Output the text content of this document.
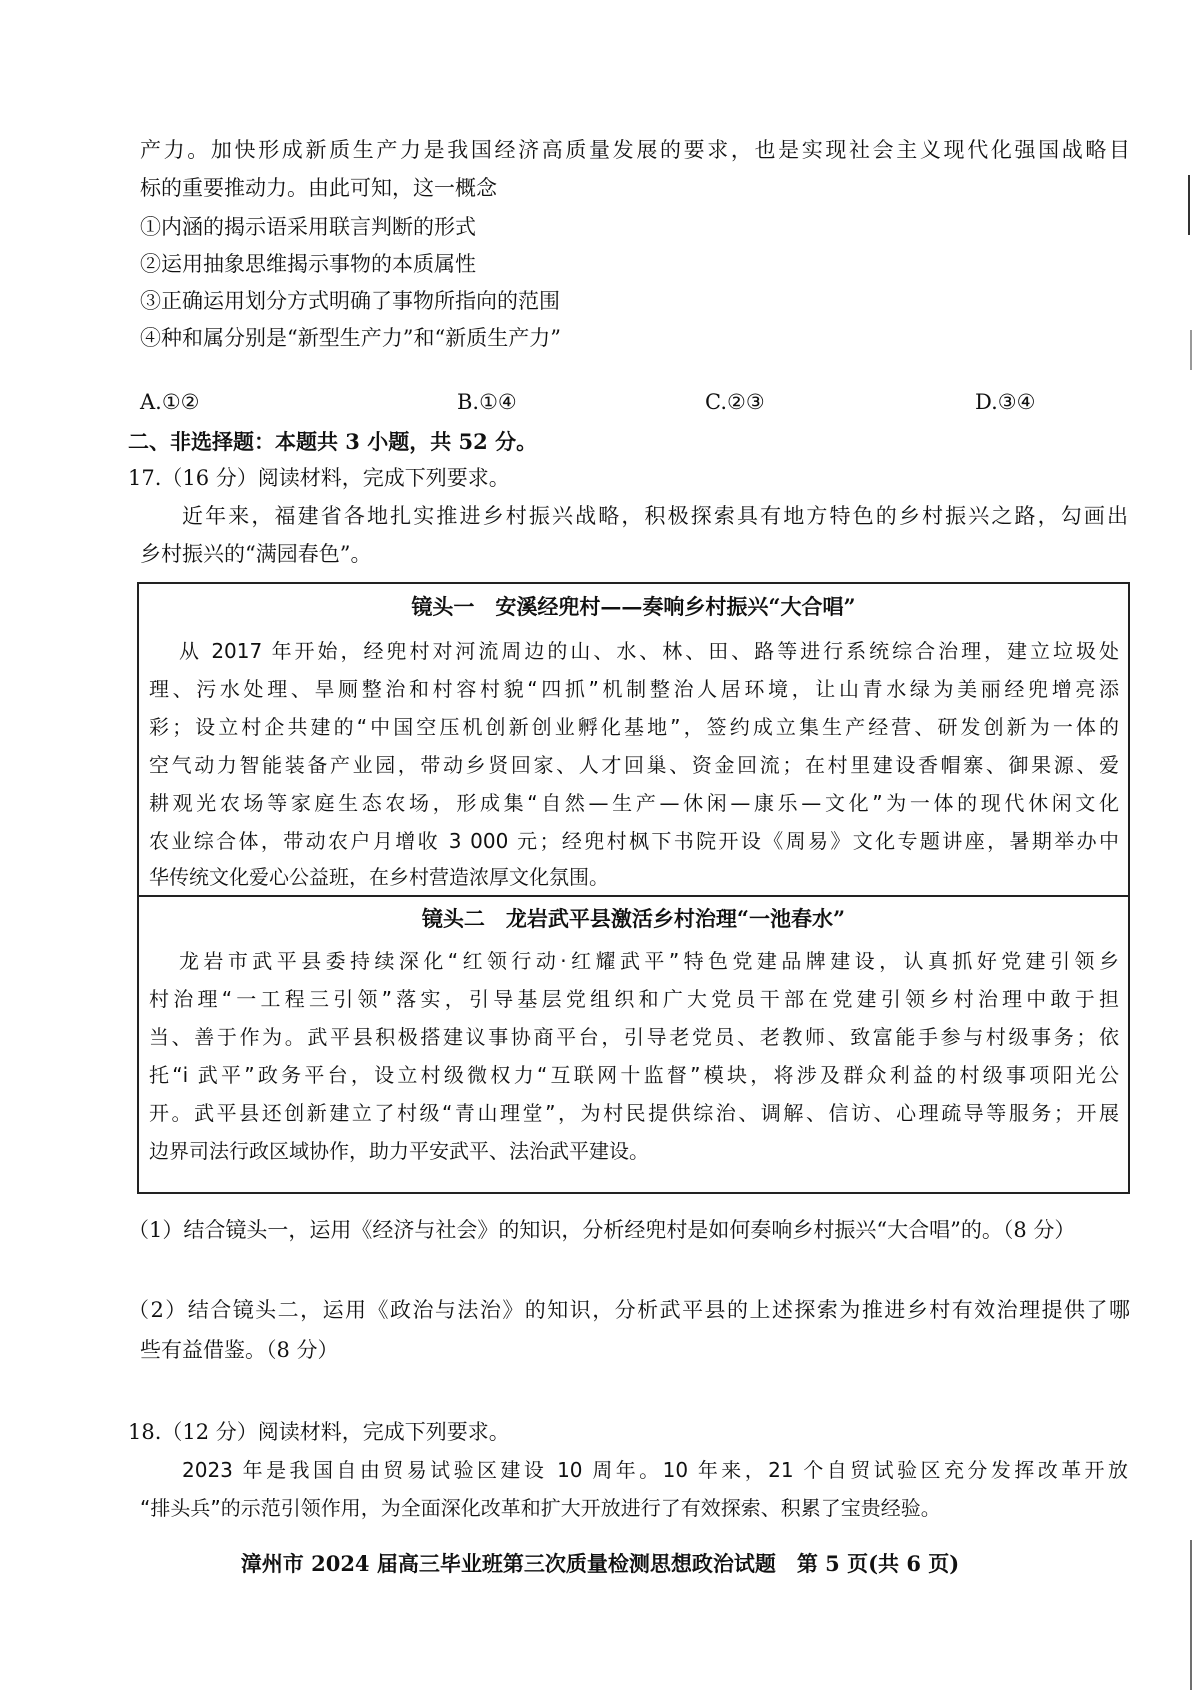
产力。加快形成新质生产力是我国经济高质量发展的要求，也是实现社会主义现代化强国战略目
标的重要推动力。由此可知，这一概念
①内涵的揭示语采用联言判断的形式
②运用抽象思维揭示事物的本质属性
③正确运用划分方式明确了事物所指向的范围
④种和属分别是“新型生产力”和“新质生产力”
A.①②	B.①④	C.②③	D.③④
二、非选择题：本题共 3 小题，共 52 分。
17.（16 分）阅读材料，完成下列要求。
近年来，福建省各地扎实推进乡村振兴战略，积极探索具有地方特色的乡村振兴之路，勾画出
乡村振兴的“满园春色”。
镜头一　安溪经兜村——奏响乡村振兴“大合唱”
从 2017 年开始，经兜村对河流周边的山、水、林、田、路等进行系统综合治理，建立垃圾处
理、污水处理、旱厕整治和村容村貌“四抓”机制整治人居环境，让山青水绿为美丽经兜增亮添
彩；设立村企共建的“中国空压机创新创业孵化基地”，签约成立集生产经营、研发创新为一体的
空气动力智能装备产业园，带动乡贤回家、人才回巢、资金回流；在村里建设香帽寨、御果源、爱
耕观光农场等家庭生态农场，形成集“自然—生产—休闲—康乐—文化”为一体的现代休闲文化
农业综合体，带动农户月增收 3 000 元；经兜村枫下书院开设《周易》文化专题讲座，暑期举办中
华传统文化爱心公益班，在乡村营造浓厚文化氛围。
镜头二　龙岩武平县激活乡村治理“一池春水”
龙岩市武平县委持续深化“红领行动·红耀武平”特色党建品牌建设，认真抓好党建引领乡
村治理“一工程三引领”落实，引导基层党组织和广大党员干部在党建引领乡村治理中敢于担
当、善于作为。武平县积极搭建议事协商平台，引导老党员、老教师、致富能手参与村级事务；依
托“i 武平”政务平台，设立村级微权力“互联网十监督”模块，将涉及群众利益的村级事项阳光公
开。武平县还创新建立了村级“青山理堂”，为村民提供综治、调解、信访、心理疏导等服务；开展
边界司法行政区域协作，助力平安武平、法治武平建设。
（1）结合镜头一，运用《经济与社会》的知识，分析经兜村是如何奏响乡村振兴“大合唱”的。（8 分）
（2）结合镜头二，运用《政治与法治》的知识，分析武平县的上述探索为推进乡村有效治理提供了哪
些有益借鉴。（8 分）
18.（12 分）阅读材料，完成下列要求。
2023 年是我国自由贸易试验区建设 10 周年。10 年来，21 个自贸试验区充分发挥改革开放
“排头兵”的示范引领作用，为全面深化改革和扩大开放进行了有效探索、积累了宝贵经验。
漳州市 2024 届高三毕业班第三次质量检测思想政治试题　第 5 页(共 6 页)
